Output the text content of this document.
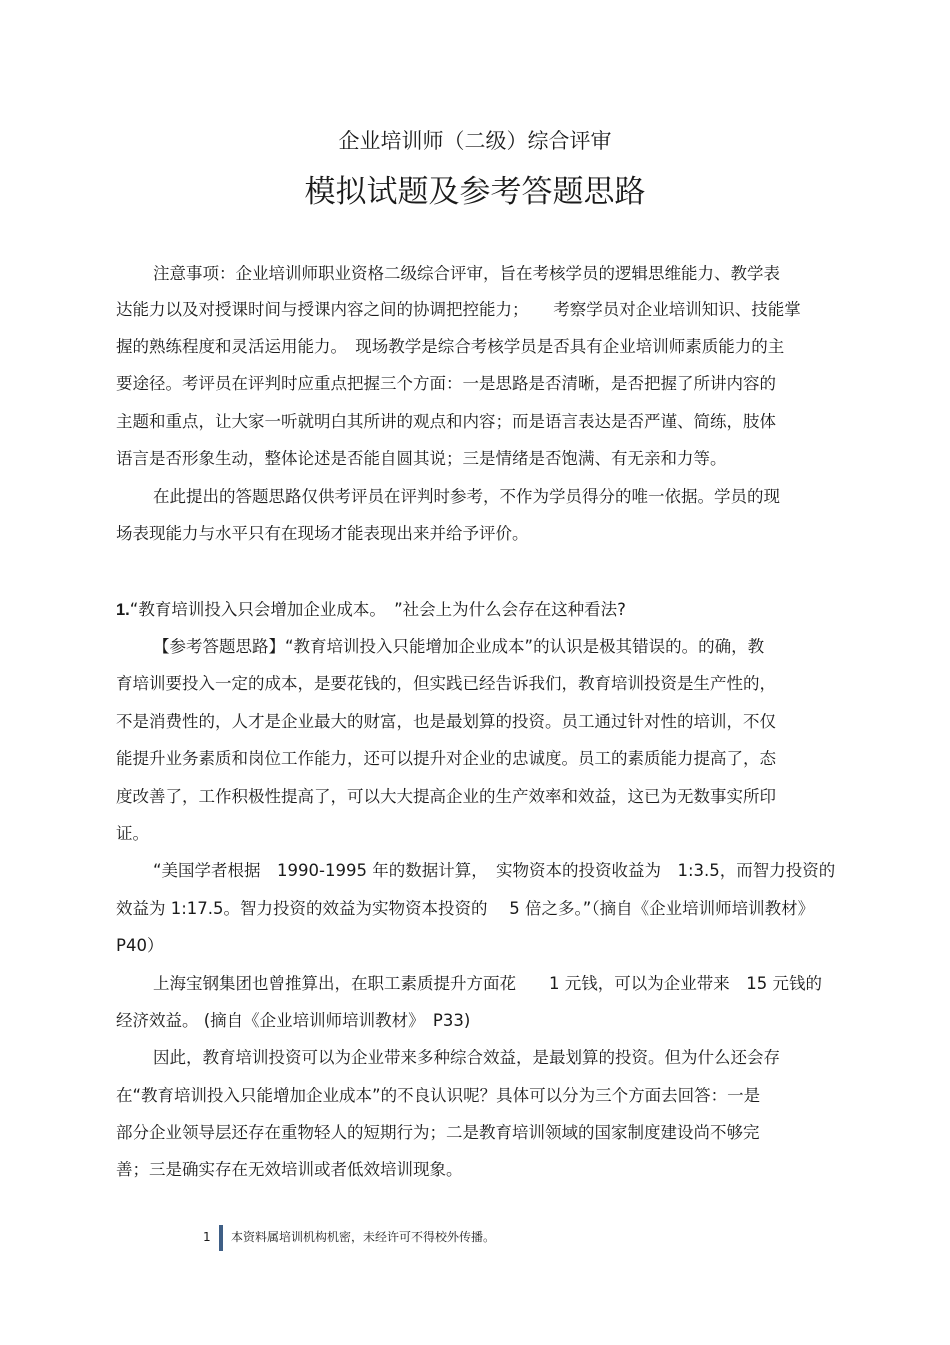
企业培训师（二级）综合评审
模拟试题及参考答题思路
注意事项：企业培训师职业资格二级综合评审，旨在考核学员的逻辑思维能力、教学表
达能力以及对授课时间与授课内容之间的协调把控能力；　　考察学员对企业培训知识、技能掌
握的熟练程度和灵活运用能力。　现场教学是综合考核学员是否具有企业培训师素质能力的主
要途径。考评员在评判时应重点把握三个方面：一是思路是否清晰，是否把握了所讲内容的
主题和重点，让大家一听就明白其所讲的观点和内容；而是语言表达是否严谨、简练，肢体
语言是否形象生动，整体论述是否能自圆其说；三是情绪是否饱满、有无亲和力等。
在此提出的答题思路仅供考评员在评判时参考，不作为学员得分的唯一依据。学员的现
场表现能力与水平只有在现场才能表现出来并给予评价。
1.“教育培训投入只会增加企业成本。　”社会上为什么会存在这种看法?
【参考答题思路】“教育培训投入只能增加企业成本”的认识是极其错误的。的确，教
育培训要投入一定的成本，是要花钱的，但实践已经告诉我们，教育培训投资是生产性的，
不是消费性的，人才是企业最大的财富，也是最划算的投资。员工通过针对性的培训，不仅
能提升业务素质和岗位工作能力，还可以提升对企业的忠诚度。员工的素质能力提高了，态
度改善了，工作积极性提高了，可以大大提高企业的生产效率和效益，这已为无数事实所印
证。
“美国学者根据　1990-1995 年的数据计算，　实物资本的投资收益为　1:3.5，而智力投资的
效益为 1:17.5。智力投资的效益为实物资本投资的　 5 倍之多。”（摘自《企业培训师培训教材》
P40）
上海宝钢集团也曾推算出，在职工素质提升方面花　　1 元钱，可以为企业带来　15 元钱的
经济效益。 (摘自《企业培训师培训教材》　P33)
因此，教育培训投资可以为企业带来多种综合效益，是最划算的投资。但为什么还会存
在“教育培训投入只能增加企业成本”的不良认识呢？具体可以分为三个方面去回答：一是
部分企业领导层还存在重物轻人的短期行为；二是教育培训领域的国家制度建设尚不够完
善；三是确实存在无效培训或者低效培训现象。
1 本资料属培训机构机密，未经许可不得校外传播。
